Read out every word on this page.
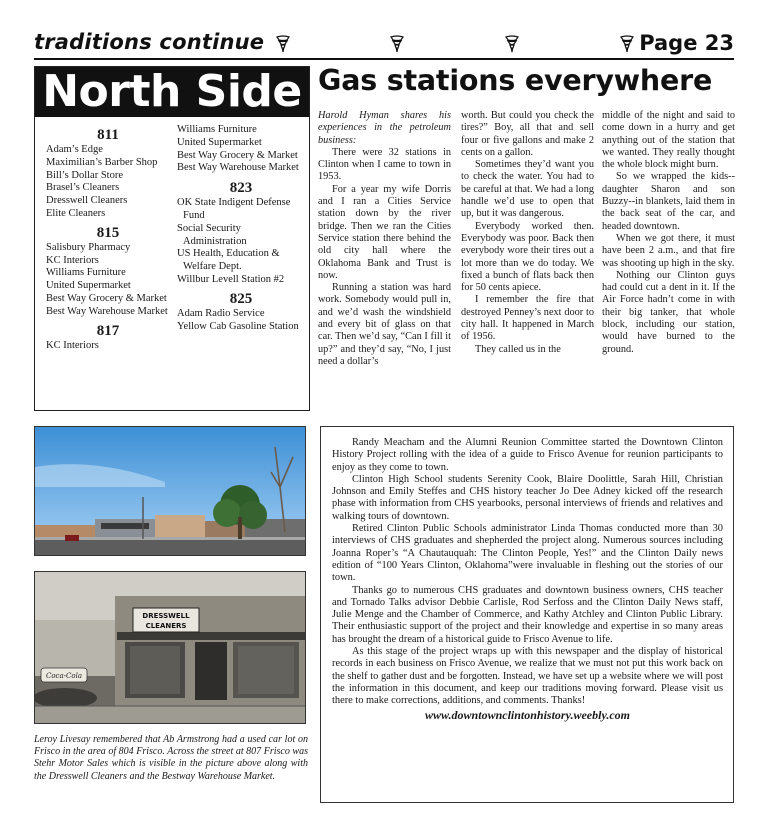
traditions continue	Page 23
North Side
811
Adam’s Edge
Maximilian’s Barber Shop
Bill’s Dollar Store
Brasel’s Cleaners
Dresswell Cleaners
Elite Cleaners
815
Salisbury Pharmacy
KC Interiors
Williams Furniture
United Supermarket
Best Way Grocery & Market
Best Way Warehouse Market
817
KC Interiors
Williams Furniture
United Supermarket
Best Way Grocery & Market
Best Way Warehouse Market
823
OK State Indigent Defense Fund
Social Security Administration
US Health, Education & Welfare Dept.
Willbur Levell Station #2
825
Adam Radio Service
Yellow Cab Gasoline Station
Gas stations everywhere

Harold Hyman shares his experiences in the petroleum business:

There were 32 stations in Clinton when I came to town in 1953.

For a year my wife Dorris and I ran a Cities Service station down by the river bridge. Then we ran the Cities Service station there behind the old city hall where the Oklahoma Bank and Trust is now.

Running a station was hard work. Somebody would pull in, and we’d wash the windshield and every bit of glass on that car. Then we’d say, “Can I fill it up?” and they’d say, “No, I just need a dollar’s

worth. But could you check the tires?” Boy, all that and sell four or five gallons and make 2 cents on a gallon.

Sometimes they’d want you to check the water. You had to be careful at that. We had a long handle we’d use to open that up, but it was dangerous.

Everybody worked then. Everybody was poor. Back then everybody wore their tires out a lot more than we do today. We fixed a bunch of flats back then for 50 cents apiece.

I remember the fire that destroyed Penney’s next door to city hall. It happened in March of 1956.

They called us in the

middle of the night and said to come down in a hurry and get anything out of the station that we wanted. They really thought the whole block might burn.

So we wrapped the kids--daughter Sharon and son Buzzy--in blankets, laid them in the back seat of the car, and headed downtown.

When we got there, it must have been 2 a.m., and that fire was shooting up high in the sky.

Nothing our Clinton guys had could cut a dent in it. If the Air Force hadn’t come in with their big tanker, that whole block, including our station, would have burned to the ground.

DRESSWELL
CLEANERS
Coca-Cola
Leroy Livesay remembered that Ab Armstrong had a used car lot on Frisco in the area of 804 Frisco. Across the street at 807 Frisco was Stehr Motor Sales which is visible in the picture above along with the Dresswell Cleaners and the Bestway Warehouse Market.

Randy Meacham and the Alumni Reunion Committee started the Downtown Clinton History Project rolling with the idea of a guide to Frisco Avenue for reunion participants to enjoy as they come to town.

Clinton High School students Serenity Cook, Blaire Doolittle, Sarah Hill, Christian Johnson and Emily Steffes and CHS history teacher Jo Dee Adney kicked off the research phase with information from CHS yearbooks, personal interviews of friends and relatives and walking tours of downtown.

Retired Clinton Public Schools administrator Linda Thomas conducted more than 30 interviews of CHS graduates and shepherded the project along. Numerous sources including Joanna Roper’s “A Chautauquah: The Clinton People, Yes!” and the Clinton Daily news edition of “100 Years Clinton, Oklahoma”were invaluable in fleshing out the stories of our town.

Thanks go to numerous CHS graduates and downtown business owners, CHS teacher and Tornado Talks advisor Debbie Carlisle, Rod Serfoss and the Clinton Daily News staff, Julie Menge and the Chamber of Commerce, and Kathy Atchley and Clinton Public Library. Their enthusiastic support of the project and their knowledge and expertise in so many areas has brought the dream of a historical guide to Frisco Avenue to life.

As this stage of the project wraps up with this newspaper and the display of historical records in each business on Frisco Avenue, we realize that we must not put this work back on the shelf to gather dust and be forgotten. Instead, we have set up a website where we will post the information in this document, and keep our traditions moving forward. Please visit us there to make corrections, additions, and comments. Thanks!

www.downtownclintonhistory.weebly.com
